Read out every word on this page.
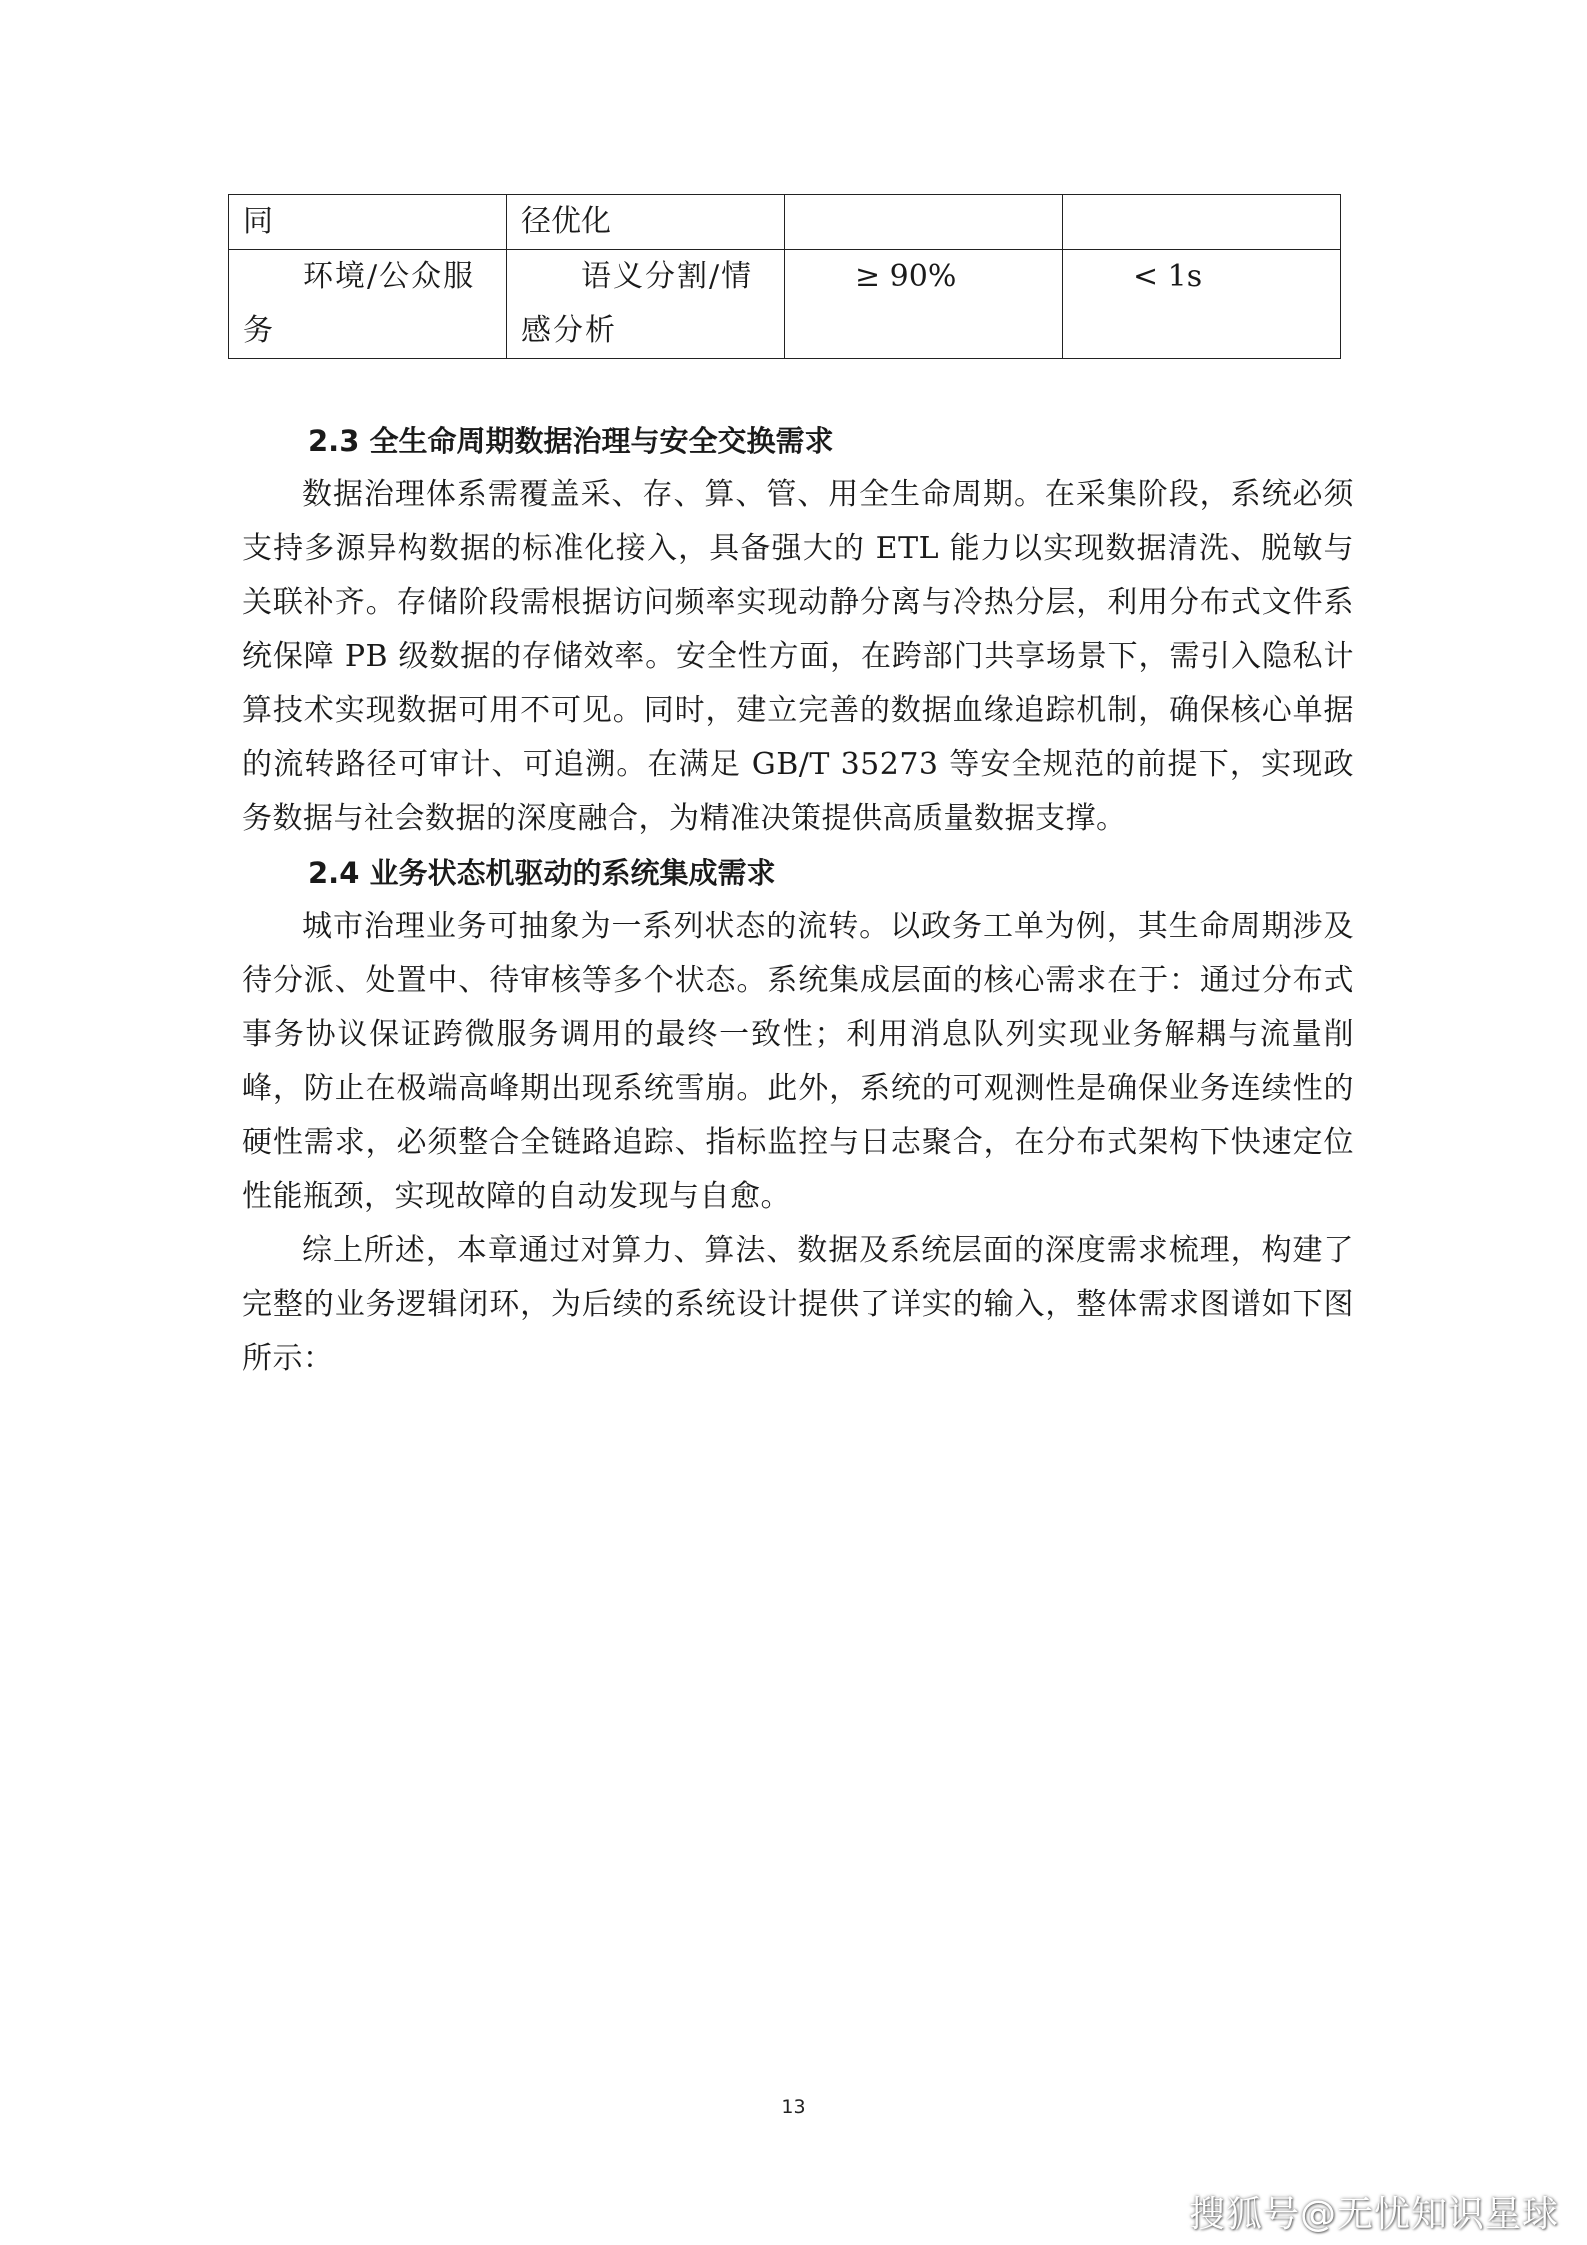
同	径优化		
环境/公众服务	语义分割/情感分析	≥ 90%	< 1s
2.3 全生命周期数据治理与安全交换需求

数据治理体系需覆盖采、存、算、管、用全生命周期。在采集阶段，系统必须支持多源异构数据的标准化接入，具备强大的 ETL 能力以实现数据清洗、脱敏与关联补齐。存储阶段需根据访问频率实现动静分离与冷热分层，利用分布式文件系统保障 PB 级数据的存储效率。安全性方面，在跨部门共享场景下，需引入隐私计算技术实现数据可用不可见。同时，建立完善的数据血缘追踪机制，确保核心单据的流转路径可审计、可追溯。在满足 GB/T 35273 等安全规范的前提下，实现政务数据与社会数据的深度融合，为精准决策提供高质量数据支撑。

2.4 业务状态机驱动的系统集成需求

城市治理业务可抽象为一系列状态的流转。以政务工单为例，其生命周期涉及待分派、处置中、待审核等多个状态。系统集成层面的核心需求在于：通过分布式事务协议保证跨微服务调用的最终一致性；利用消息队列实现业务解耦与流量削峰，防止在极端高峰期出现系统雪崩。此外，系统的可观测性是确保业务连续性的硬性需求，必须整合全链路追踪、指标监控与日志聚合，在分布式架构下快速定位性能瓶颈，实现故障的自动发现与自愈。

综上所述，本章通过对算力、算法、数据及系统层面的深度需求梳理，构建了完整的业务逻辑闭环，为后续的系统设计提供了详实的输入，整体需求图谱如下图所示：

13
搜狐号@无忧知识星球
